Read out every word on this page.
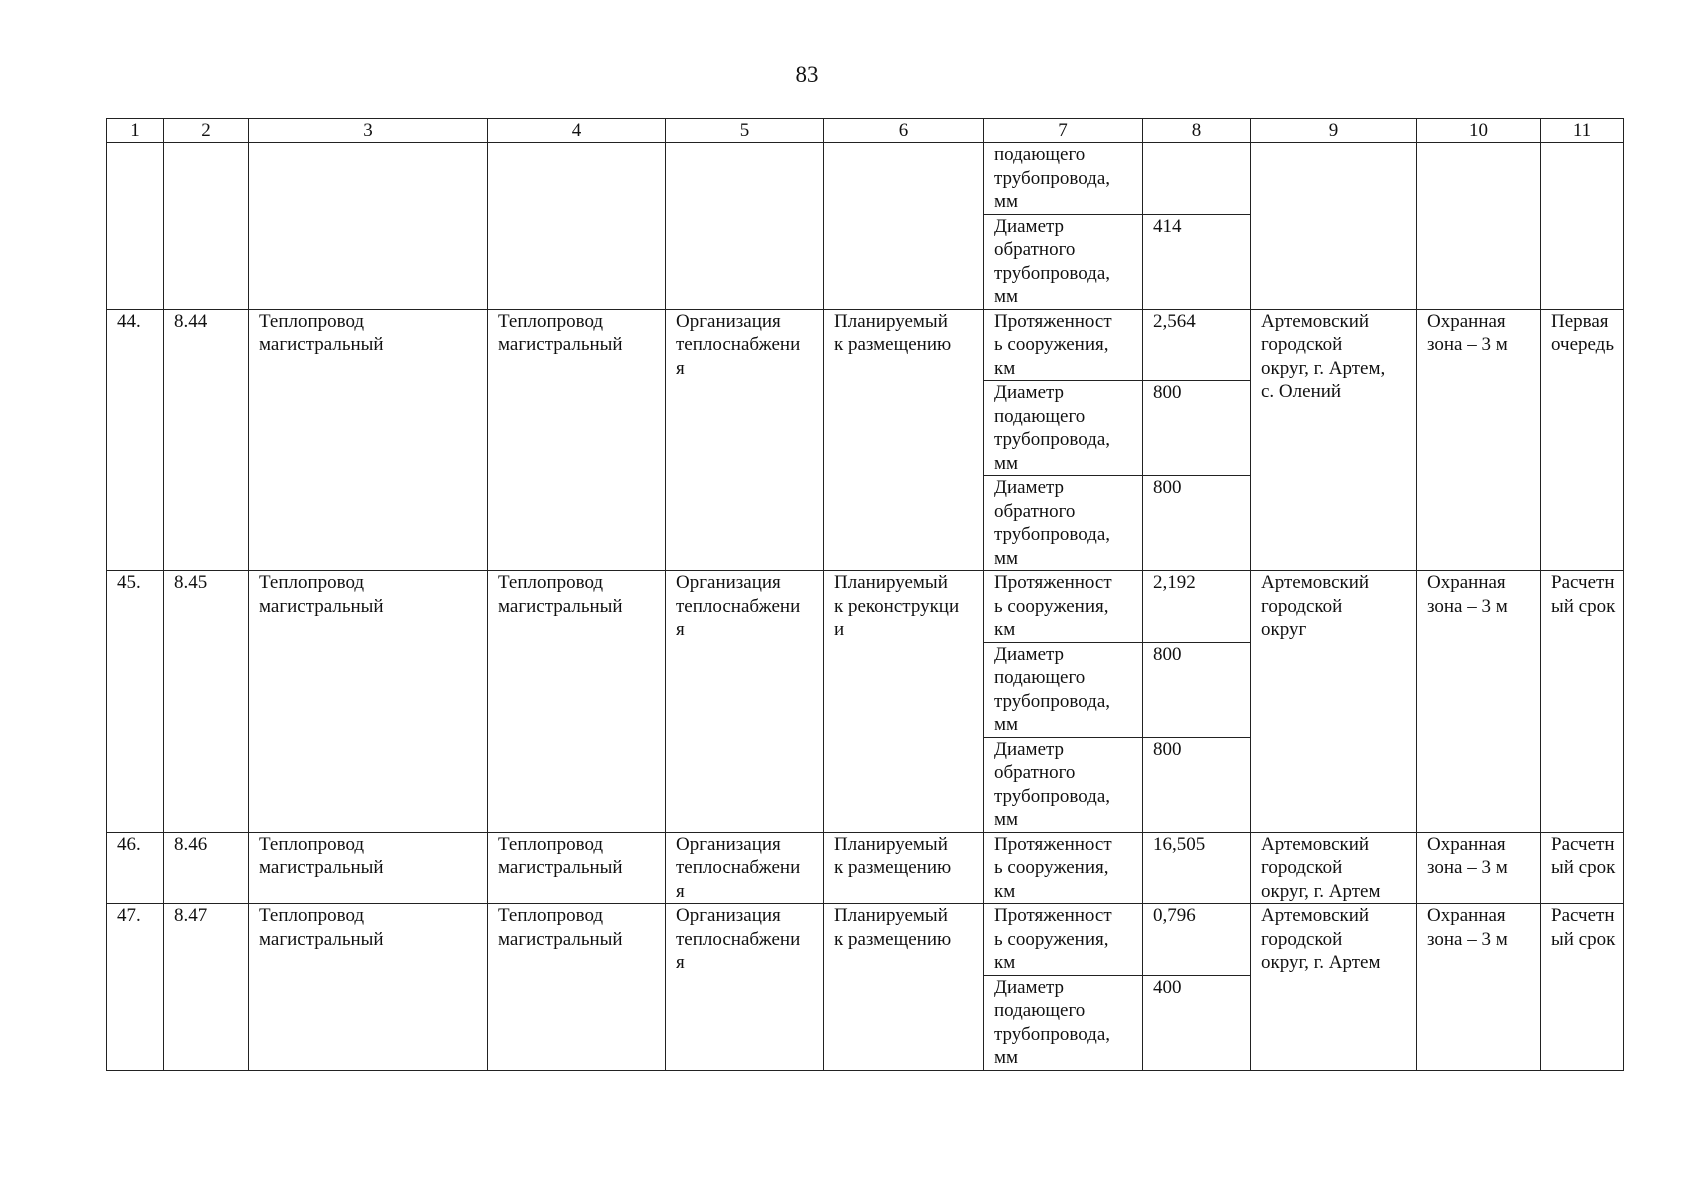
83
1	2	3	4	5	6	7	8	9	10	11

						подающего
трубопровода,
мм				

						Диаметр
обратного
трубопровода,
мм	414			

44.	8.44	Теплопровод
магистральный	Теплопровод
магистральный	Организация
теплоснабжени
я	Планируемый
к размещению	Протяженност
ь сооружения,
км	2,564	Артемовский
городской
округ, г. Артем,
с. Олений	Охранная
зона – 3 м	Первая
очередь

						Диаметр
подающего
трубопровода,
мм	800			

						Диаметр
обратного
трубопровода,
мм	800			

45.	8.45	Теплопровод
магистральный	Теплопровод
магистральный	Организация
теплоснабжени
я	Планируемый
к реконструкци
и	Протяженност
ь сооружения,
км	2,192	Артемовский
городской
округ	Охранная
зона – 3 м	Расчетн
ый срок

						Диаметр
подающего
трубопровода,
мм	800			

						Диаметр
обратного
трубопровода,
мм	800			

46.	8.46	Теплопровод
магистральный	Теплопровод
магистральный	Организация
теплоснабжени
я	Планируемый
к размещению	Протяженност
ь сооружения,
км	16,505	Артемовский
городской
округ, г. Артем	Охранная
зона – 3 м	Расчетн
ый срок

47.	8.47	Теплопровод
магистральный	Теплопровод
магистральный	Организация
теплоснабжени
я	Планируемый
к размещению	Протяженност
ь сооружения,
км	0,796	Артемовский
городской
округ, г. Артем	Охранная
зона – 3 м	Расчетн
ый срок

						Диаметр
подающего
трубопровода,
мм	400			
